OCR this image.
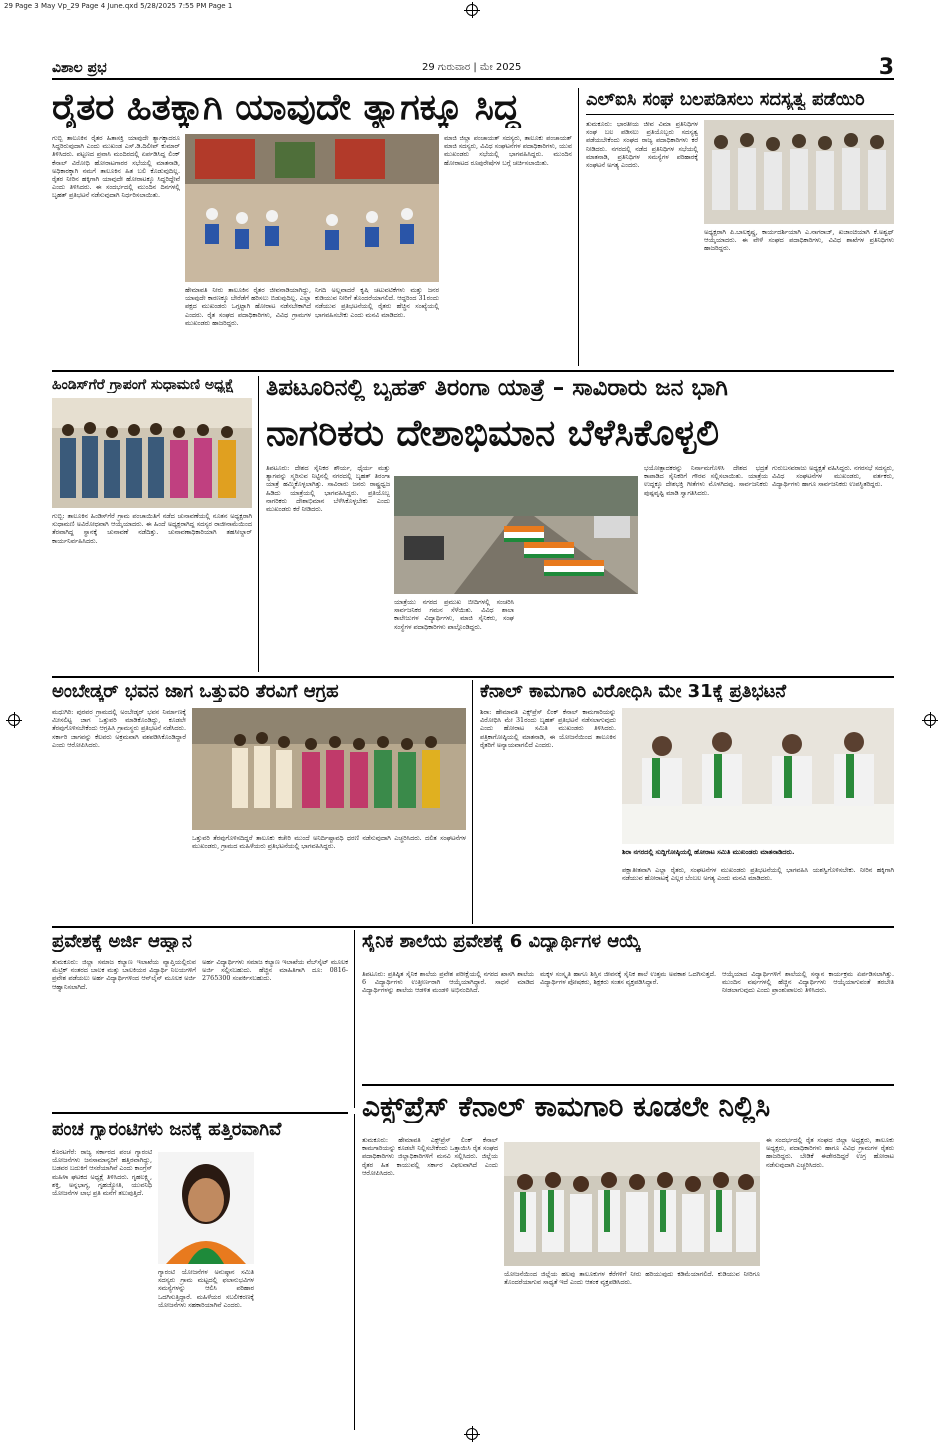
29 Page 3 May Vp_29 Page 4 June.qxd 5/28/2025 7:55 PM Page 1
ವಿಶಾಲ ಪ್ರಭ	29 ಗುರುವಾರ | ಮೇ 2025	3
ರೈತರ ಹಿತಕ್ಕಾಗಿ ಯಾವುದೇ ತ್ಯಾಗಕ್ಕೂ ಸಿದ್ಧ
ಗುಬ್ಬಿ ತಾಲೂಕಿನ ರೈತರ ಹಿತಾಸಕ್ತಿ ಯಾವುದೇ ತ್ಯಾಗಕ್ಕಾದರೂ ಸಿದ್ಧರಿರುವುದಾಗಿ ಎಂದು ಮುಖಂಡ ಎಸ್.ಡಿ.ದಿಲೀಪ್ ಕುಮಾರ್ ತಿಳಿಸಿದರು. ಪಟ್ಟಣದ ಪ್ರವಾಸಿ ಮಂದಿರದಲ್ಲಿ ಏರ್ಪಡಿಸಿದ್ದ ಲಿಂಕ್ ಕೆನಾಲ್ ವಿರೋಧಿ ಹೋರಾಟಗಾರರ ಸಭೆಯಲ್ಲಿ ಮಾತನಾಡಿ, ಅಧಿಕಾರಕ್ಕಾಗಿ ನಮಗೆ ತಾಲೂಕಿನ ಹಿತ ಬಲಿ ಕೊಡುವುದಿಲ್ಲ. ರೈತರ ನೀರಿನ ಹಕ್ಕಿಗಾಗಿ ಯಾವುದೇ ಹೋರಾಟಕ್ಕೂ ಸಿದ್ಧರಿದ್ದೇವೆ ಎಂದು ತಿಳಿಸಿದರು. ಈ ಸಂದರ್ಭದಲ್ಲಿ ಮುಂದಿನ ದಿನಗಳಲ್ಲಿ ಬೃಹತ್ ಪ್ರತಿಭಟನೆ ನಡೆಸುವುದಾಗಿ ನಿರ್ಧರಿಸಲಾಯಿತು.
ಹೇಮಾವತಿ ನೀರು ತಾಲೂಕಿನ ರೈತರ ಜೀವನಾಡಿಯಾಗಿದ್ದು, ಯಾವುದೇ ಕಾರಣಕ್ಕೂ ಬೇರೆಡೆಗೆ ಹರಿಸಲು ಬಿಡುವುದಿಲ್ಲ. ಎಲ್ಲಾ ಪಕ್ಷದ ಮುಖಂಡರು ಒಗ್ಗಟ್ಟಾಗಿ ಹೋರಾಟ ನಡೆಸಬೇಕಾಗಿದೆ ಎಂದರು. ರೈತ ಸಂಘದ ಪದಾಧಿಕಾರಿಗಳು, ವಿವಿಧ ಗ್ರಾಮಗಳ ಮುಖಂಡರು ಹಾಜರಿದ್ದರು.
ನಿಗದಿ ಅಲ್ಲವಾದರೆ ಕೃಷಿ ಚಟುವಟಿಕೆಗಳು ಮತ್ತು ಜನರ ಕುಡಿಯುವ ನೀರಿಗೆ ತೊಂದರೆಯಾಗಲಿದೆ. ಆದ್ದರಿಂದ 31ರಂದು ನಡೆಯುವ ಪ್ರತಿಭಟನೆಯಲ್ಲಿ ರೈತರು ಹೆಚ್ಚಿನ ಸಂಖ್ಯೆಯಲ್ಲಿ ಭಾಗವಹಿಸಬೇಕು ಎಂದು ಮನವಿ ಮಾಡಿದರು.
ಮಾಜಿ ಜಿಲ್ಲಾ ಪಂಚಾಯತ್ ಸದಸ್ಯರು, ತಾಲೂಕು ಪಂಚಾಯತ್ ಮಾಜಿ ಸದಸ್ಯರು, ವಿವಿಧ ಸಂಘಟನೆಗಳ ಪದಾಧಿಕಾರಿಗಳು, ಯುವ ಮುಖಂಡರು ಸಭೆಯಲ್ಲಿ ಭಾಗವಹಿಸಿದ್ದರು. ಮುಂದಿನ ಹೋರಾಟದ ರೂಪುರೇಷೆಗಳ ಬಗ್ಗೆ ಚರ್ಚಿಸಲಾಯಿತು.
ಎಲ್‌ಐಸಿ ಸಂಘ ಬಲಪಡಿಸಲು ಸದಸ್ಯತ್ವ ಪಡೆಯಿರಿ
ತುಮಕೂರು: ಭಾರತೀಯ ಜೀವ ವಿಮಾ ಪ್ರತಿನಿಧಿಗಳ ಸಂಘ ಬಲ ಪಡಿಸಲು ಪ್ರತಿಯೊಬ್ಬರು ಸದಸ್ಯತ್ವ ಪಡೆಯಬೇಕೆಂದು ಸಂಘದ ರಾಜ್ಯ ಪದಾಧಿಕಾರಿಗಳು ಕರೆ ನೀಡಿದರು. ನಗರದಲ್ಲಿ ನಡೆದ ಪ್ರತಿನಿಧಿಗಳ ಸಭೆಯಲ್ಲಿ ಮಾತನಾಡಿ, ಪ್ರತಿನಿಧಿಗಳ ಸಮಸ್ಯೆಗಳ ಪರಿಹಾರಕ್ಕೆ ಸಂಘಟನೆ ಅಗತ್ಯ ಎಂದರು.
ಅಧ್ಯಕ್ಷರಾಗಿ ಪಿ.ಬಾಲಕೃಷ್ಣ, ಕಾರ್ಯದರ್ಶಿಯಾಗಿ ಎ.ನಾಗರಾಜ್, ಖಜಾಂಚಿಯಾಗಿ ಕೆ.ಅಶ್ವಥ್ ಆಯ್ಕೆಯಾದರು. ಈ ವೇಳೆ ಸಂಘದ ಪದಾಧಿಕಾರಿಗಳು, ವಿವಿಧ ಶಾಖೆಗಳ ಪ್ರತಿನಿಧಿಗಳು ಹಾಜರಿದ್ದರು.
ಹಿಂಡಿಸ್‌ಗೆರೆ ಗ್ರಾಪಂಗೆ ಸುಧಾಮಣಿ ಅಧ್ಯಕ್ಷೆ
ಗುಬ್ಬಿ: ತಾಲೂಕಿನ ಹಿಂಡಿಸ್‌ಗೆರೆ ಗ್ರಾಮ ಪಂಚಾಯಿತಿಗೆ ನಡೆದ ಚುನಾವಣೆಯಲ್ಲಿ ನೂತನ ಅಧ್ಯಕ್ಷರಾಗಿ ಸುಧಾಮಣಿ ಅವಿರೋಧವಾಗಿ ಆಯ್ಕೆಯಾದರು. ಈ ಹಿಂದೆ ಅಧ್ಯಕ್ಷರಾಗಿದ್ದ ಸದಸ್ಯರ ರಾಜೀನಾಮೆಯಿಂದ ತೆರವಾಗಿದ್ದ ಸ್ಥಾನಕ್ಕೆ ಚುನಾವಣೆ ನಡೆದಿತ್ತು. ಚುನಾವಣಾಧಿಕಾರಿಯಾಗಿ ತಹಸೀಲ್ದಾರ್ ಕಾರ್ಯನಿರ್ವಹಿಸಿದರು.
ತಿಪಟೂರಿನಲ್ಲಿ ಬೃಹತ್ ತಿರಂಗಾ ಯಾತ್ರೆ – ಸಾವಿರಾರು ಜನ ಭಾಗಿ
ನಾಗರಿಕರು ದೇಶಾಭಿಮಾನ ಬೆಳೆಸಿಕೊಳ್ಳಲಿ
ತಿಪಟೂರು: ದೇಶದ ಸೈನಿಕರ ಶೌರ್ಯ, ಧೈರ್ಯ ಮತ್ತು ತ್ಯಾಗವನ್ನು ಸ್ಮರಿಸುವ ನಿಟ್ಟಿನಲ್ಲಿ ನಗರದಲ್ಲಿ ಬೃಹತ್ ತಿರಂಗಾ ಯಾತ್ರೆ ಹಮ್ಮಿಕೊಳ್ಳಲಾಗಿತ್ತು. ಸಾವಿರಾರು ಜನರು ರಾಷ್ಟ್ರಧ್ವಜ ಹಿಡಿದು ಯಾತ್ರೆಯಲ್ಲಿ ಭಾಗವಹಿಸಿದ್ದರು. ಪ್ರತಿಯೊಬ್ಬ ನಾಗರಿಕರು ದೇಶಾಭಿಮಾನ ಬೆಳೆಸಿಕೊಳ್ಳಬೇಕು ಎಂದು ಮುಖಂಡರು ಕರೆ ನೀಡಿದರು.
ಯಾತ್ರೆಯು ನಗರದ ಪ್ರಮುಖ ಬೀದಿಗಳಲ್ಲಿ ಸಂಚರಿಸಿ ಸಾರ್ವಜನಿಕರ ಗಮನ ಸೆಳೆಯಿತು. ವಿವಿಧ ಶಾಲಾ ಕಾಲೇಜುಗಳ ವಿದ್ಯಾರ್ಥಿಗಳು, ಮಾಜಿ ಸೈನಿಕರು, ಸಂಘ ಸಂಸ್ಥೆಗಳ ಪದಾಧಿಕಾರಿಗಳು ಪಾಲ್ಗೊಂಡಿದ್ದರು.
ಭಯೋತ್ಪಾದಕರನ್ನು ನಿರ್ನಾಮಗೊಳಿಸಿ ದೇಶದ ಭದ್ರತೆ ಕಾಪಾಡಿದ ಸೈನಿಕರಿಗೆ ಗೌರವ ಸಲ್ಲಿಸಲಾಯಿತು. ಯಾತ್ರೆಯ ಉದ್ದಕ್ಕೂ ದೇಶಭಕ್ತಿ ಗೀತೆಗಳು ಮೊಳಗಿದವು. ಸಾರ್ವಜನಿಕರು ಪುಷ್ಪವೃಷ್ಟಿ ಮಾಡಿ ಸ್ವಾಗತಿಸಿದರು.
ಗುರುಬಸವರಾಜು ಅಧ್ಯಕ್ಷತೆ ವಹಿಸಿದ್ದರು. ನಗರಸಭೆ ಸದಸ್ಯರು, ವಿವಿಧ ಸಂಘಟನೆಗಳ ಮುಖಂಡರು, ವರ್ತಕರು, ವಿದ್ಯಾರ್ಥಿಗಳು ಹಾಗೂ ಸಾರ್ವಜನಿಕರು ಉಪಸ್ಥಿತರಿದ್ದರು.
ಅಂಬೇಡ್ಕರ್ ಭವನ ಜಾಗ ಒತ್ತುವರಿ ತೆರವಿಗೆ ಆಗ್ರಹ
ಮಧುಗಿರಿ: ಪುರವರ ಗ್ರಾಮದಲ್ಲಿ ಅಂಬೇಡ್ಕರ್ ಭವನ ನಿರ್ಮಾಣಕ್ಕೆ ಮೀಸಲಿಟ್ಟ ಜಾಗ ಒತ್ತುವರಿ ಮಾಡಿಕೊಂಡಿದ್ದು, ಕೂಡಲೇ ತೆರವುಗೊಳಿಸಬೇಕೆಂದು ಆಗ್ರಹಿಸಿ ಗ್ರಾಮಸ್ಥರು ಪ್ರತಿಭಟನೆ ನಡೆಸಿದರು. ಸರ್ಕಾರಿ ಜಾಗವನ್ನು ಕೆಲವರು ಅಕ್ರಮವಾಗಿ ವಶಪಡಿಸಿಕೊಂಡಿದ್ದಾರೆ ಎಂದು ಆರೋಪಿಸಿದರು.
ಒತ್ತುವರಿ ತೆರವುಗೊಳಿಸದಿದ್ದರೆ ತಾಲೂಕು ಕಚೇರಿ ಮುಂದೆ ಅನಿರ್ದಿಷ್ಟಾವಧಿ ಧರಣಿ ನಡೆಸುವುದಾಗಿ ಎಚ್ಚರಿಸಿದರು. ದಲಿತ ಸಂಘಟನೆಗಳ ಮುಖಂಡರು, ಗ್ರಾಮದ ಮಹಿಳೆಯರು ಪ್ರತಿಭಟನೆಯಲ್ಲಿ ಭಾಗವಹಿಸಿದ್ದರು.
ಕೆನಾಲ್ ಕಾಮಗಾರಿ ವಿರೋಧಿಸಿ ಮೇ 31ಕ್ಕೆ ಪ್ರತಿಭಟನೆ
ಶಿರಾ: ಹೇಮಾವತಿ ಎಕ್ಸ್‌ಪ್ರೆಸ್ ಲಿಂಕ್ ಕೆನಾಲ್ ಕಾಮಗಾರಿಯನ್ನು ವಿರೋಧಿಸಿ ಮೇ 31ರಂದು ಬೃಹತ್ ಪ್ರತಿಭಟನೆ ನಡೆಸಲಾಗುವುದು ಎಂದು ಹೋರಾಟ ಸಮಿತಿ ಮುಖಂಡರು ತಿಳಿಸಿದರು. ಪತ್ರಿಕಾಗೋಷ್ಠಿಯಲ್ಲಿ ಮಾತನಾಡಿ, ಈ ಯೋಜನೆಯಿಂದ ತಾಲೂಕಿನ ರೈತರಿಗೆ ಅನ್ಯಾಯವಾಗಲಿದೆ ಎಂದರು.
ಶಿರಾ ನಗರದಲ್ಲಿ ಸುದ್ದಿಗೋಷ್ಠಿಯಲ್ಲಿ ಹೋರಾಟ ಸಮಿತಿ ಮುಖಂಡರು ಮಾತನಾಡಿದರು.
ಪಕ್ಷಾತೀತವಾಗಿ ಎಲ್ಲಾ ರೈತರು, ಸಂಘಟನೆಗಳ ಮುಖಂಡರು ಪ್ರತಿಭಟನೆಯಲ್ಲಿ ಭಾಗವಹಿಸಿ ಯಶಸ್ವಿಗೊಳಿಸಬೇಕು. ನೀರಿನ ಹಕ್ಕಿಗಾಗಿ ನಡೆಯುವ ಹೋರಾಟಕ್ಕೆ ಎಲ್ಲರ ಬೆಂಬಲ ಅಗತ್ಯ ಎಂದು ಮನವಿ ಮಾಡಿದರು.
ಪ್ರವೇಶಕ್ಕೆ ಅರ್ಜಿ ಆಹ್ವಾನ
ತುಮಕೂರು: ಜಿಲ್ಲಾ ಸಮಾಜ ಕಲ್ಯಾಣ ಇಲಾಖೆಯ ವ್ಯಾಪ್ತಿಯಲ್ಲಿರುವ ಮೆಟ್ರಿಕ್ ನಂತರದ ಬಾಲಕ ಮತ್ತು ಬಾಲಕಿಯರ ವಿದ್ಯಾರ್ಥಿ ನಿಲಯಗಳಿಗೆ ಪ್ರವೇಶ ಪಡೆಯಲು ಅರ್ಹ ವಿದ್ಯಾರ್ಥಿಗಳಿಂದ ಆನ್‌ಲೈನ್ ಮೂಲಕ ಅರ್ಜಿ ಆಹ್ವಾನಿಸಲಾಗಿದೆ.
ಅರ್ಹ ವಿದ್ಯಾರ್ಥಿಗಳು ಸಮಾಜ ಕಲ್ಯಾಣ ಇಲಾಖೆಯ ವೆಬ್‌ಸೈಟ್ ಮೂಲಕ ಅರ್ಜಿ ಸಲ್ಲಿಸಬಹುದು. ಹೆಚ್ಚಿನ ಮಾಹಿತಿಗಾಗಿ ದೂ: 0816-2765300 ಸಂಪರ್ಕಿಸಬಹುದು.
ಸೈನಿಕ ಶಾಲೆಯ ಪ್ರವೇಶಕ್ಕೆ 6 ವಿದ್ಯಾರ್ಥಿಗಳ ಆಯ್ಕೆ
ತಿಪಟೂರು: ಪ್ರತಿಷ್ಠಿತ ಸೈನಿಕ ಶಾಲೆಯ ಪ್ರವೇಶ ಪರೀಕ್ಷೆಯಲ್ಲಿ ನಗರದ ಖಾಸಗಿ ಶಾಲೆಯ 6 ವಿದ್ಯಾರ್ಥಿಗಳು ಉತ್ತೀರ್ಣರಾಗಿ ಆಯ್ಕೆಯಾಗಿದ್ದಾರೆ. ಸಾಧನೆ ಮಾಡಿದ ವಿದ್ಯಾರ್ಥಿಗಳನ್ನು ಶಾಲೆಯ ಆಡಳಿತ ಮಂಡಳಿ ಅಭಿನಂದಿಸಿದೆ.
ಮಕ್ಕಳ ಸಂಸ್ಕೃತಿ ಹಾಗೂ ಶಿಸ್ತಿನ ಜೀವನಕ್ಕೆ ಸೈನಿಕ ಶಾಲೆ ಉತ್ತಮ ಅವಕಾಶ ಒದಗಿಸುತ್ತದೆ. ವಿದ್ಯಾರ್ಥಿಗಳ ಪೋಷಕರು, ಶಿಕ್ಷಕರು ಸಂತಸ ವ್ಯಕ್ತಪಡಿಸಿದ್ದಾರೆ.
ಆಯ್ಕೆಯಾದ ವಿದ್ಯಾರ್ಥಿಗಳಿಗೆ ಶಾಲೆಯಲ್ಲಿ ಸನ್ಮಾನ ಕಾರ್ಯಕ್ರಮ ಏರ್ಪಡಿಸಲಾಗಿತ್ತು. ಮುಂದಿನ ವರ್ಷಗಳಲ್ಲಿ ಹೆಚ್ಚಿನ ವಿದ್ಯಾರ್ಥಿಗಳು ಆಯ್ಕೆಯಾಗುವಂತೆ ತರಬೇತಿ ನೀಡಲಾಗುವುದು ಎಂದು ಪ್ರಾಂಶುಪಾಲರು ತಿಳಿಸಿದರು.
ಪಂಚ ಗ್ಯಾರಂಟಿಗಳು ಜನಕ್ಕೆ ಹತ್ತಿರವಾಗಿವೆ
ಕೊರಟಗೆರೆ: ರಾಜ್ಯ ಸರ್ಕಾರದ ಪಂಚ ಗ್ಯಾರಂಟಿ ಯೋಜನೆಗಳು ಜನಸಾಮಾನ್ಯರಿಗೆ ಹತ್ತಿರವಾಗಿದ್ದು, ಬಡವರ ಬದುಕಿಗೆ ಆಸರೆಯಾಗಿವೆ ಎಂದು ಕಾಂಗ್ರೆಸ್ ಮಹಿಳಾ ಘಟಕದ ಅಧ್ಯಕ್ಷೆ ತಿಳಿಸಿದರು. ಗೃಹಲಕ್ಷ್ಮಿ, ಶಕ್ತಿ, ಅನ್ನಭಾಗ್ಯ, ಗೃಹಜ್ಯೋತಿ, ಯುವನಿಧಿ ಯೋಜನೆಗಳ ಲಾಭ ಪ್ರತಿ ಮನೆಗೆ ತಲುಪುತ್ತಿದೆ.
ಗ್ಯಾರಂಟಿ ಯೋಜನೆಗಳ ಅನುಷ್ಠಾನ ಸಮಿತಿ ಸದಸ್ಯರು ಗ್ರಾಮ ಮಟ್ಟದಲ್ಲಿ ಫಲಾನುಭವಿಗಳ ಸಮಸ್ಯೆಗಳನ್ನು ಆಲಿಸಿ ಪರಿಹಾರ ಒದಗಿಸುತ್ತಿದ್ದಾರೆ. ಮಹಿಳೆಯರ ಸಬಲೀಕರಣಕ್ಕೆ ಯೋಜನೆಗಳು ಸಹಕಾರಿಯಾಗಿವೆ ಎಂದರು.
ಎಕ್ಸ್‌ಪ್ರೆಸ್ ಕೆನಾಲ್ ಕಾಮಗಾರಿ ಕೂಡಲೇ ನಿಲ್ಲಿಸಿ
ತುಮಕೂರು: ಹೇಮಾವತಿ ಎಕ್ಸ್‌ಪ್ರೆಸ್ ಲಿಂಕ್ ಕೆನಾಲ್ ಕಾಮಗಾರಿಯನ್ನು ಕೂಡಲೇ ನಿಲ್ಲಿಸಬೇಕೆಂದು ಒತ್ತಾಯಿಸಿ ರೈತ ಸಂಘದ ಪದಾಧಿಕಾರಿಗಳು ಜಿಲ್ಲಾಧಿಕಾರಿಗಳಿಗೆ ಮನವಿ ಸಲ್ಲಿಸಿದರು. ಜಿಲ್ಲೆಯ ರೈತರ ಹಿತ ಕಾಯುವಲ್ಲಿ ಸರ್ಕಾರ ವಿಫಲವಾಗಿದೆ ಎಂದು ಆರೋಪಿಸಿದರು.
ಯೋಜನೆಯಿಂದ ಜಿಲ್ಲೆಯ ಹಲವು ತಾಲೂಕುಗಳ ಕೆರೆಗಳಿಗೆ ನೀರು ಹರಿಯುವುದು ಕಡಿಮೆಯಾಗಲಿದೆ. ಕುಡಿಯುವ ನೀರಿಗೂ ತೊಂದರೆಯಾಗುವ ಸಾಧ್ಯತೆ ಇದೆ ಎಂದು ಆತಂಕ ವ್ಯಕ್ತಪಡಿಸಿದರು.
ಈ ಸಂದರ್ಭದಲ್ಲಿ ರೈತ ಸಂಘದ ಜಿಲ್ಲಾ ಅಧ್ಯಕ್ಷರು, ತಾಲೂಕು ಅಧ್ಯಕ್ಷರು, ಪದಾಧಿಕಾರಿಗಳು ಹಾಗೂ ವಿವಿಧ ಗ್ರಾಮಗಳ ರೈತರು ಹಾಜರಿದ್ದರು. ಬೇಡಿಕೆ ಈಡೇರದಿದ್ದರೆ ಉಗ್ರ ಹೋರಾಟ ನಡೆಸುವುದಾಗಿ ಎಚ್ಚರಿಸಿದರು.
